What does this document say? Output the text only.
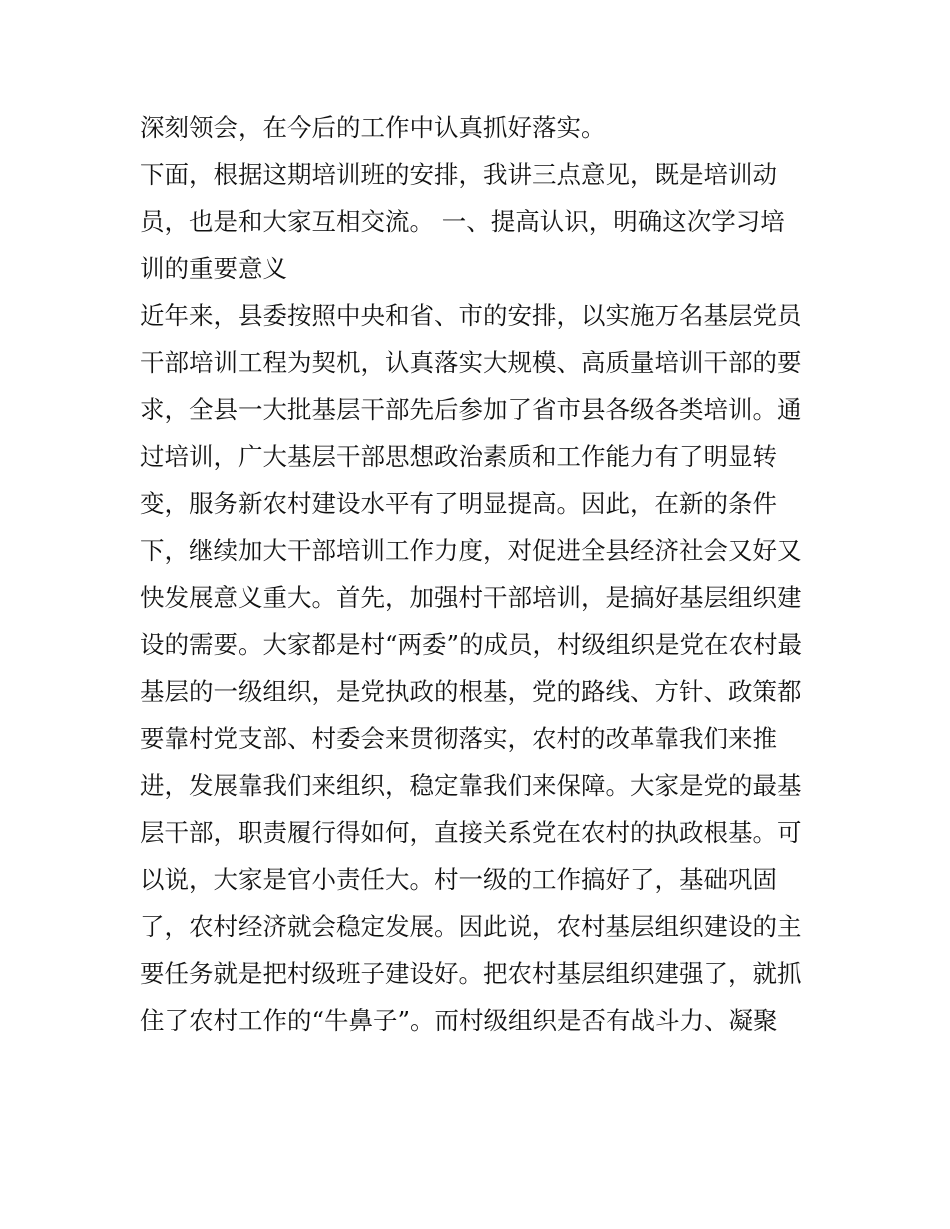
深刻领会，在今后的工作中认真抓好落实。
下面，根据这期培训班的安排，我讲三点意见，既是培训动
员，也是和大家互相交流。 一、提高认识，明确这次学习培
训的重要意义
近年来，县委按照中央和省、市的安排，以实施万名基层党员
干部培训工程为契机，认真落实大规模、高质量培训干部的要
求，全县一大批基层干部先后参加了省市县各级各类培训。通
过培训，广大基层干部思想政治素质和工作能力有了明显转
变，服务新农村建设水平有了明显提高。因此，在新的条件
下，继续加大干部培训工作力度，对促进全县经济社会又好又
快发展意义重大。首先，加强村干部培训，是搞好基层组织建
设的需要。大家都是村“两委”的成员，村级组织是党在农村最
基层的一级组织，是党执政的根基，党的路线、方针、政策都
要靠村党支部、村委会来贯彻落实，农村的改革靠我们来推
进，发展靠我们来组织，稳定靠我们来保障。大家是党的最基
层干部，职责履行得如何，直接关系党在农村的执政根基。可
以说，大家是官小责任大。村一级的工作搞好了，基础巩固
了，农村经济就会稳定发展。因此说，农村基层组织建设的主
要任务就是把村级班子建设好。把农村基层组织建强了，就抓
住了农村工作的“牛鼻子”。而村级组织是否有战斗力、凝聚
